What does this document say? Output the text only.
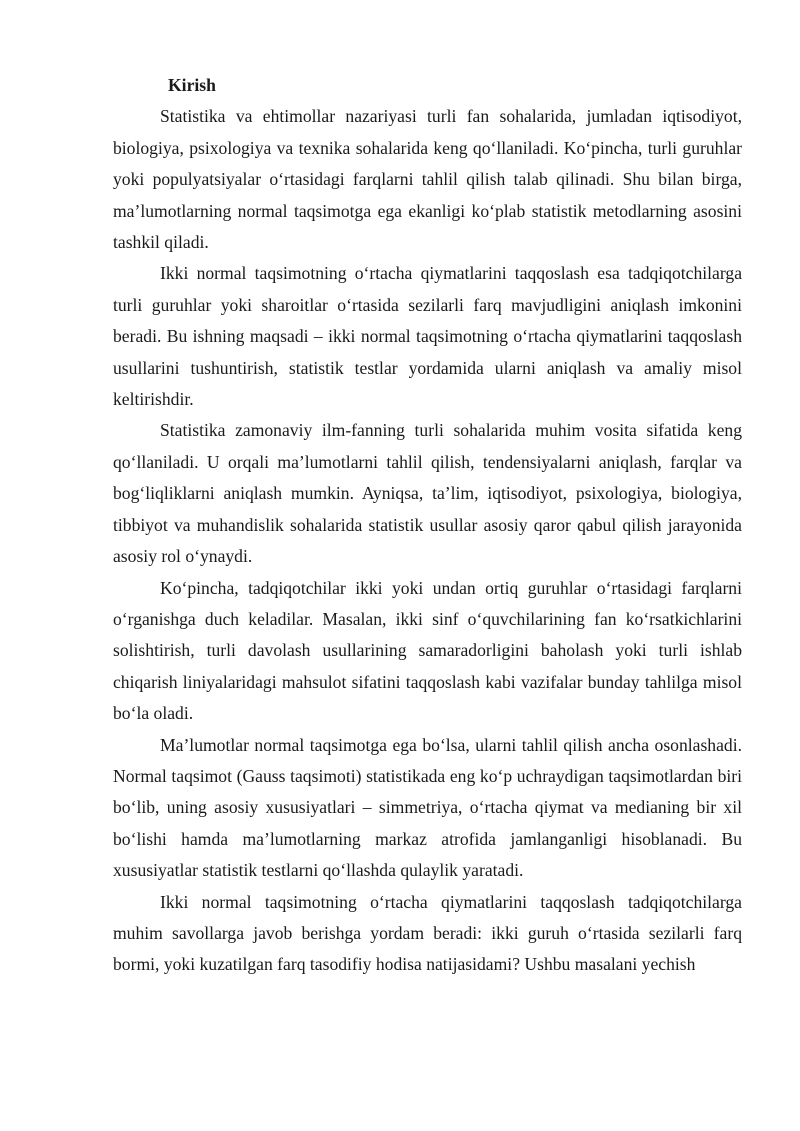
Kirish

Statistika va ehtimollar nazariyasi turli fan sohalarida, jumladan iqtisodiyot, biologiya, psixologiya va texnika sohalarida keng qo‘llaniladi. Ko‘pincha, turli guruhlar yoki populyatsiyalar o‘rtasidagi farqlarni tahlil qilish talab qilinadi. Shu bilan birga, ma’lumotlarning normal taqsimotga ega ekanligi ko‘plab statistik metodlarning asosini tashkil qiladi.

Ikki normal taqsimotning o‘rtacha qiymatlarini taqqoslash esa tadqiqotchilarga turli guruhlar yoki sharoitlar o‘rtasida sezilarli farq mavjudligini aniqlash imkonini beradi. Bu ishning maqsadi – ikki normal taqsimotning o‘rtacha qiymatlarini taqqoslash usullarini tushuntirish, statistik testlar yordamida ularni aniqlash va amaliy misol keltirishdir.

Statistika zamonaviy ilm-fanning turli sohalarida muhim vosita sifatida keng qo‘llaniladi. U orqali ma’lumotlarni tahlil qilish, tendensiyalarni aniqlash, farqlar va bog‘liqliklarni aniqlash mumkin. Ayniqsa, ta’lim, iqtisodiyot, psixologiya, biologiya, tibbiyot va muhandislik sohalarida statistik usullar asosiy qaror qabul qilish jarayonida asosiy rol o‘ynaydi.

Ko‘pincha, tadqiqotchilar ikki yoki undan ortiq guruhlar o‘rtasidagi farqlarni o‘rganishga duch keladilar. Masalan, ikki sinf o‘quvchilarining fan ko‘rsatkichlarini solishtirish, turli davolash usullarining samaradorligini baholash yoki turli ishlab chiqarish liniyalaridagi mahsulot sifatini taqqoslash kabi vazifalar bunday tahlilga misol bo‘la oladi.

Ma’lumotlar normal taqsimotga ega bo‘lsa, ularni tahlil qilish ancha osonlashadi. Normal taqsimot (Gauss taqsimoti) statistikada eng ko‘p uchraydigan taqsimotlardan biri bo‘lib, uning asosiy xususiyatlari – simmetriya, o‘rtacha qiymat va medianing bir xil bo‘lishi hamda ma’lumotlarning markaz atrofida jamlanganligi hisoblanadi. Bu xususiyatlar statistik testlarni qo‘llashda qulaylik yaratadi.

Ikki normal taqsimotning o‘rtacha qiymatlarini taqqoslash tadqiqotchilarga muhim savollarga javob berishga yordam beradi: ikki guruh o‘rtasida sezilarli farq bormi, yoki kuzatilgan farq tasodifiy hodisa natijasidami? Ushbu masalani yechish
